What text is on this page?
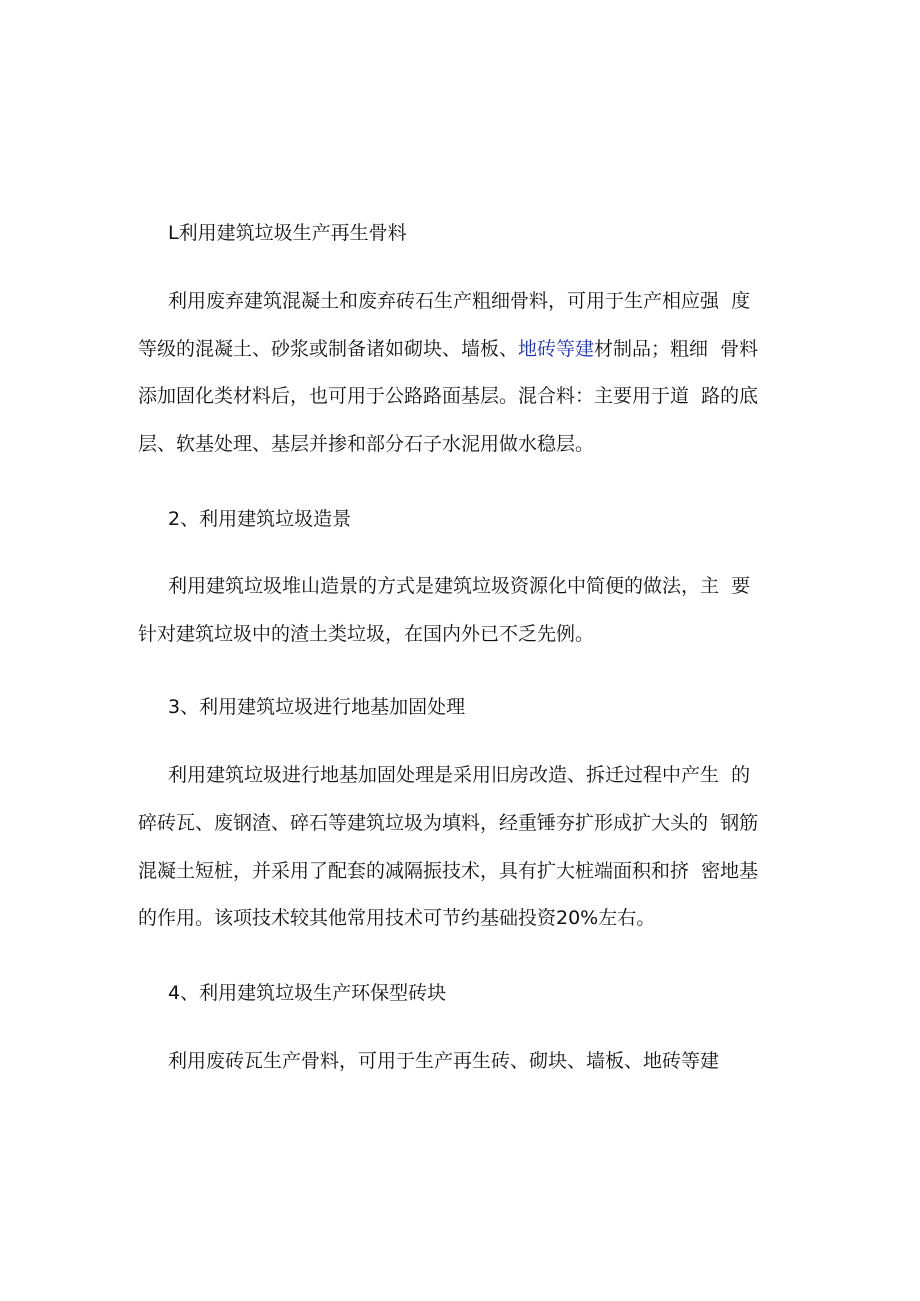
L利用建筑垃圾生产再生骨料
利用废弃建筑混凝土和废弃砖石生产粗细骨料，可用于生产相应强  度
等级的混凝土、砂浆或制备诸如砌块、墙板、地砖等建材制品；粗细  骨料
添加固化类材料后，也可用于公路路面基层。混合料：主要用于道  路的底
层、软基处理、基层并掺和部分石子水泥用做水稳层。
2、利用建筑垃圾造景
利用建筑垃圾堆山造景的方式是建筑垃圾资源化中简便的做法，主  要
针对建筑垃圾中的渣土类垃圾，在国内外已不乏先例。
3、利用建筑垃圾进行地基加固处理
利用建筑垃圾进行地基加固处理是采用旧房改造、拆迁过程中产生  的
碎砖瓦、废钢渣、碎石等建筑垃圾为填料，经重锤夯扩形成扩大头的  钢筋
混凝土短桩，并采用了配套的减隔振技术，具有扩大桩端面积和挤  密地基
的作用。该项技术较其他常用技术可节约基础投资20%左右。
4、利用建筑垃圾生产环保型砖块
利用废砖瓦生产骨料，可用于生产再生砖、砌块、墙板、地砖等建
